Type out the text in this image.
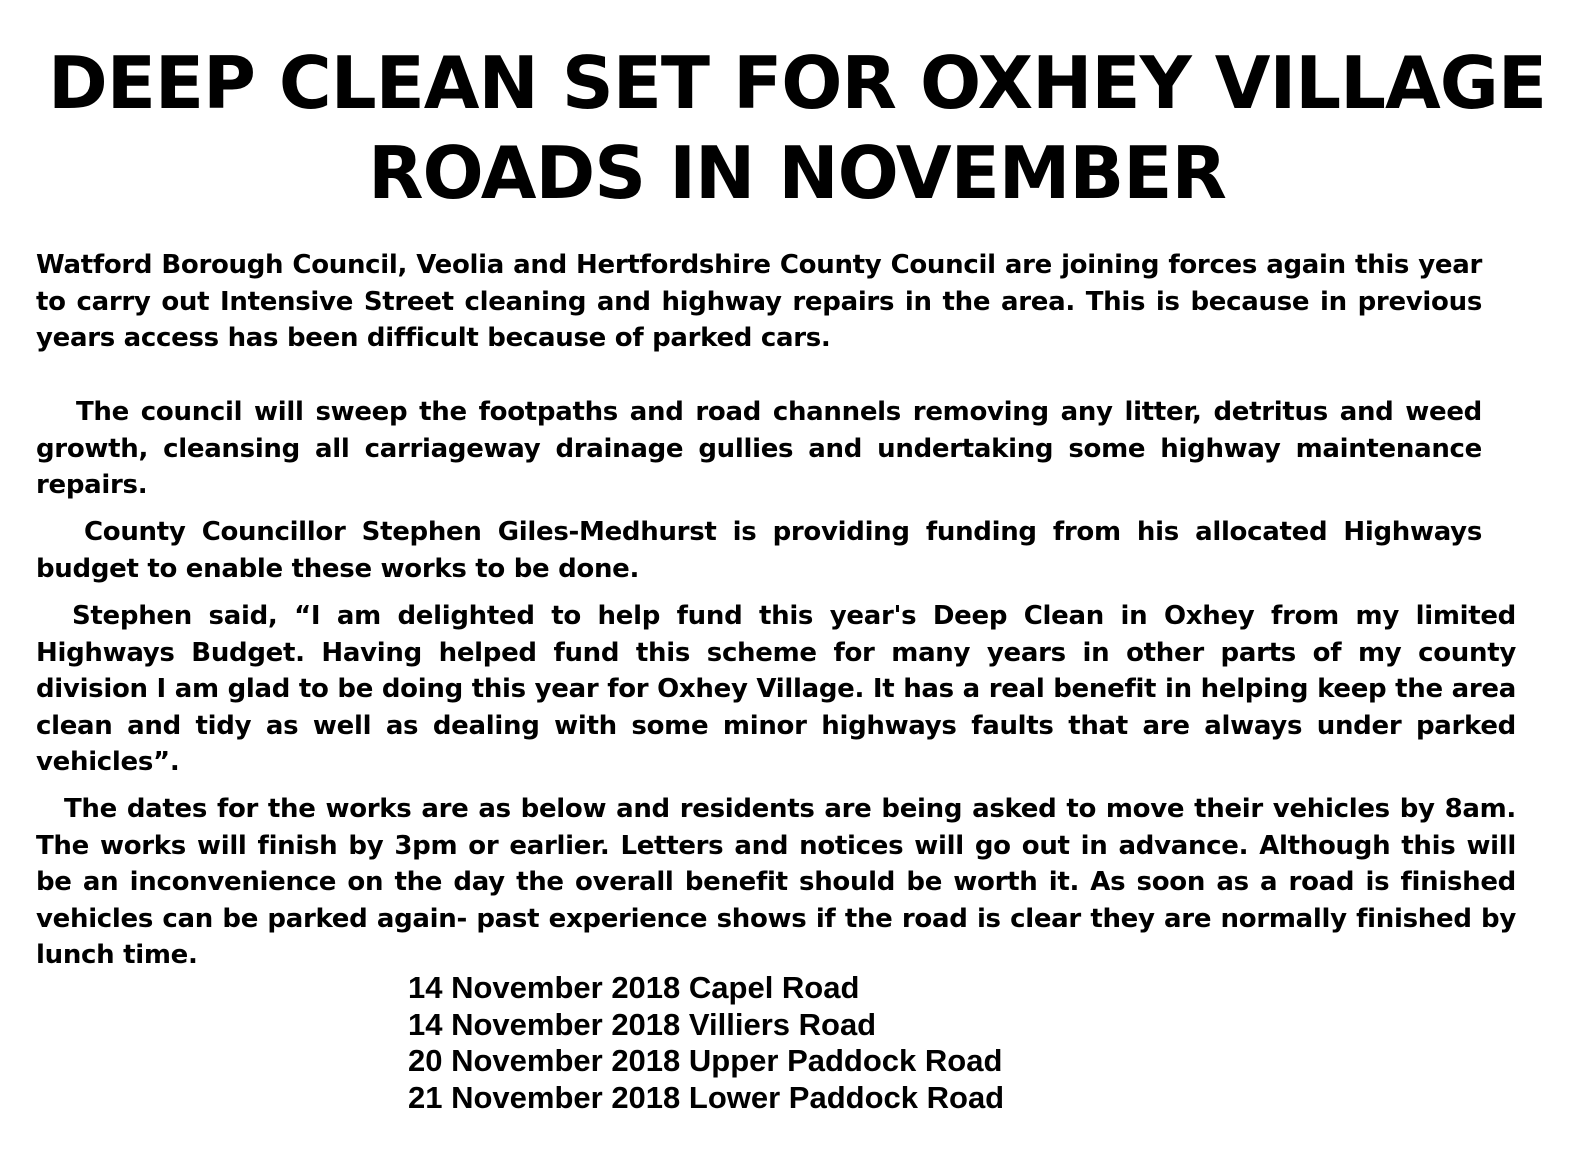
DEEP CLEAN SET FOR OXHEY VILLAGE
ROADS IN NOVEMBER

Watford Borough Council, Veolia and Hertfordshire County Council are joining forces again this year to carry out Intensive Street cleaning and highway repairs in the area. This is because in previous years access has been difficult because of parked cars.

The council will sweep the footpaths and road channels removing any litter, detritus and weed growth, cleansing all carriageway drainage gullies and undertaking some highway maintenance repairs.

County Councillor Stephen Giles-Medhurst is providing funding from his allocated Highways budget to enable these works to be done.

Stephen said, “I am delighted to help fund this year's Deep Clean in Oxhey from my limited Highways Budget. Having helped fund this scheme for many years in other parts of my county division I am glad to be doing this year for Oxhey Village. It has a real benefit in helping keep the area clean and tidy as well as dealing with some minor highways faults that are always under parked vehicles”.

The dates for the works are as below and residents are being asked to move their vehicles by 8am. The works will finish by 3pm or earlier. Letters and notices will go out in advance. Although this will be an inconvenience on the day the overall benefit should be worth it. As soon as a road is finished vehicles can be parked again- past experience shows if the road is clear they are normally finished by lunch time.

14 November 2018 Capel Road
14 November 2018 Villiers Road
20 November 2018 Upper Paddock Road
21 November 2018 Lower Paddock Road
